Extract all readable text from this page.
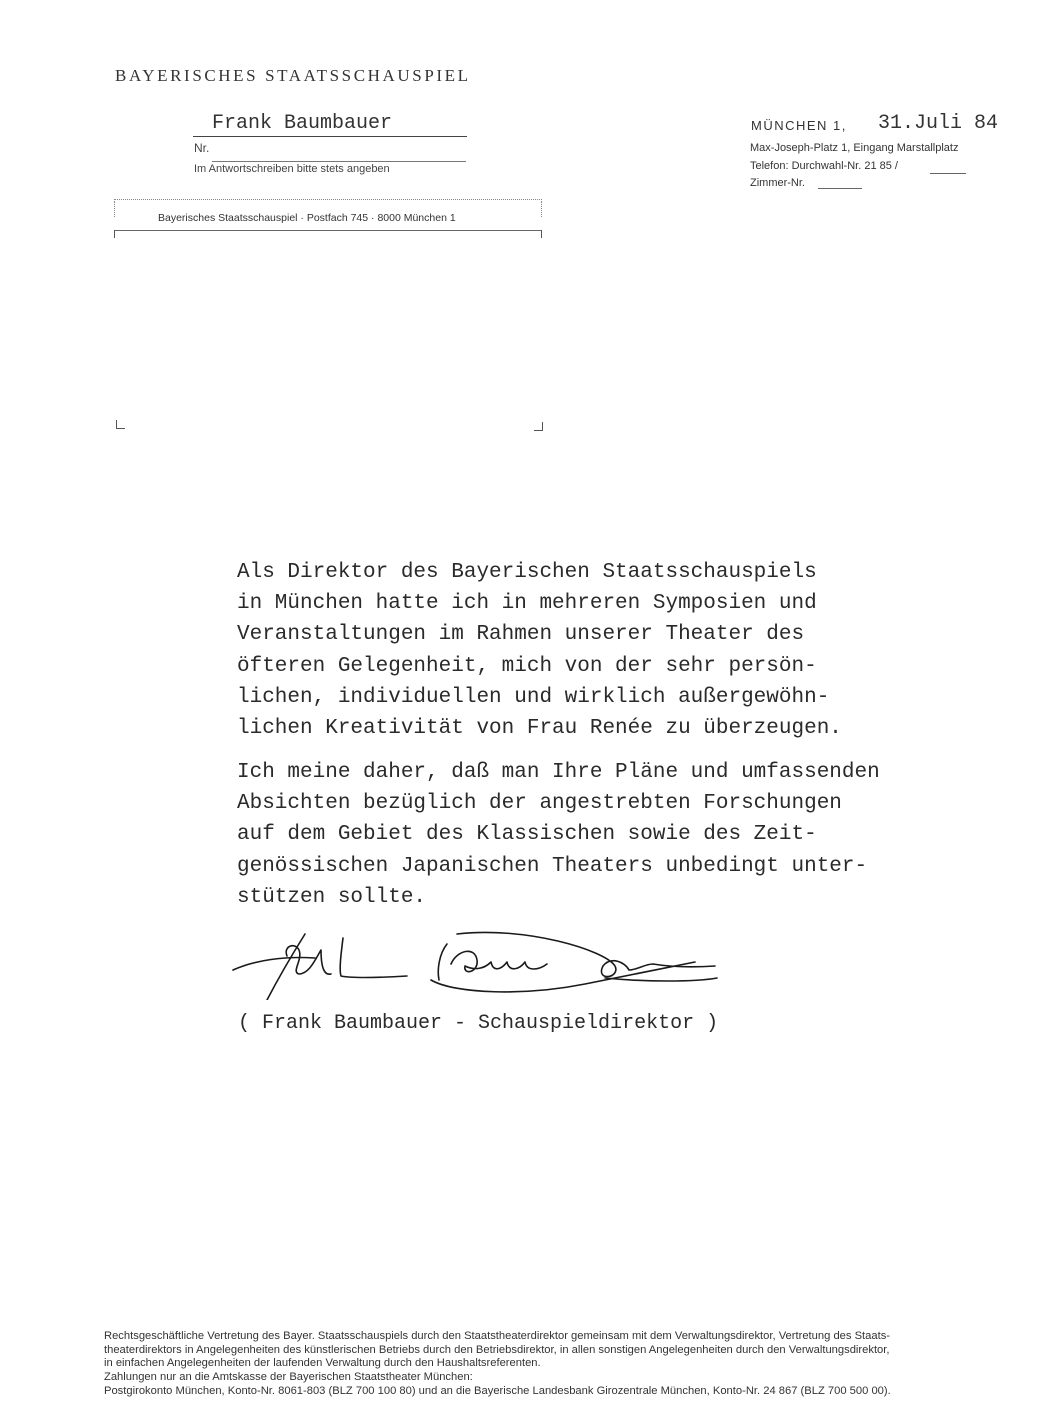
BAYERISCHES STAATSSCHAUSPIEL
Frank Baumbauer
Nr.
Im Antwortschreiben bitte stets angeben
Bayerisches Staatsschauspiel · Postfach 745 · 8000 München 1
MÜNCHEN 1, 31.Juli 84
Max-Joseph-Platz 1, Eingang Marstallplatz
Telefon: Durchwahl-Nr. 21 85 /
Zimmer-Nr.
Als Direktor des Bayerischen Staatsschauspiels
in München hatte ich in mehreren Symposien und
Veranstaltungen im Rahmen unserer Theater des
öfteren Gelegenheit, mich von der sehr persön-
lichen, individuellen und wirklich außergewöhn-
lichen Kreativität von Frau Renée zu überzeugen.
Ich meine daher, daß man Ihre Pläne und umfassenden
Absichten bezüglich der angestrebten Forschungen
auf dem Gebiet des Klassischen sowie des Zeit-
genössischen Japanischen Theaters unbedingt unter-
stützen sollte.
( Frank Baumbauer - Schauspieldirektor )
Rechtsgeschäftliche Vertretung des Bayer. Staatsschauspiels durch den Staatstheaterdirektor gemeinsam mit dem Verwaltungsdirektor, Vertretung des Staats-
theaterdirektors in Angelegenheiten des künstlerischen Betriebs durch den Betriebsdirektor, in allen sonstigen Angelegenheiten durch den Verwaltungsdirektor,
in einfachen Angelegenheiten der laufenden Verwaltung durch den Haushaltsreferenten.
Zahlungen nur an die Amtskasse der Bayerischen Staatstheater München:
Postgirokonto München, Konto-Nr. 8061-803 (BLZ 700 100 80) und an die Bayerische Landesbank Girozentrale München, Konto-Nr. 24 867 (BLZ 700 500 00).
